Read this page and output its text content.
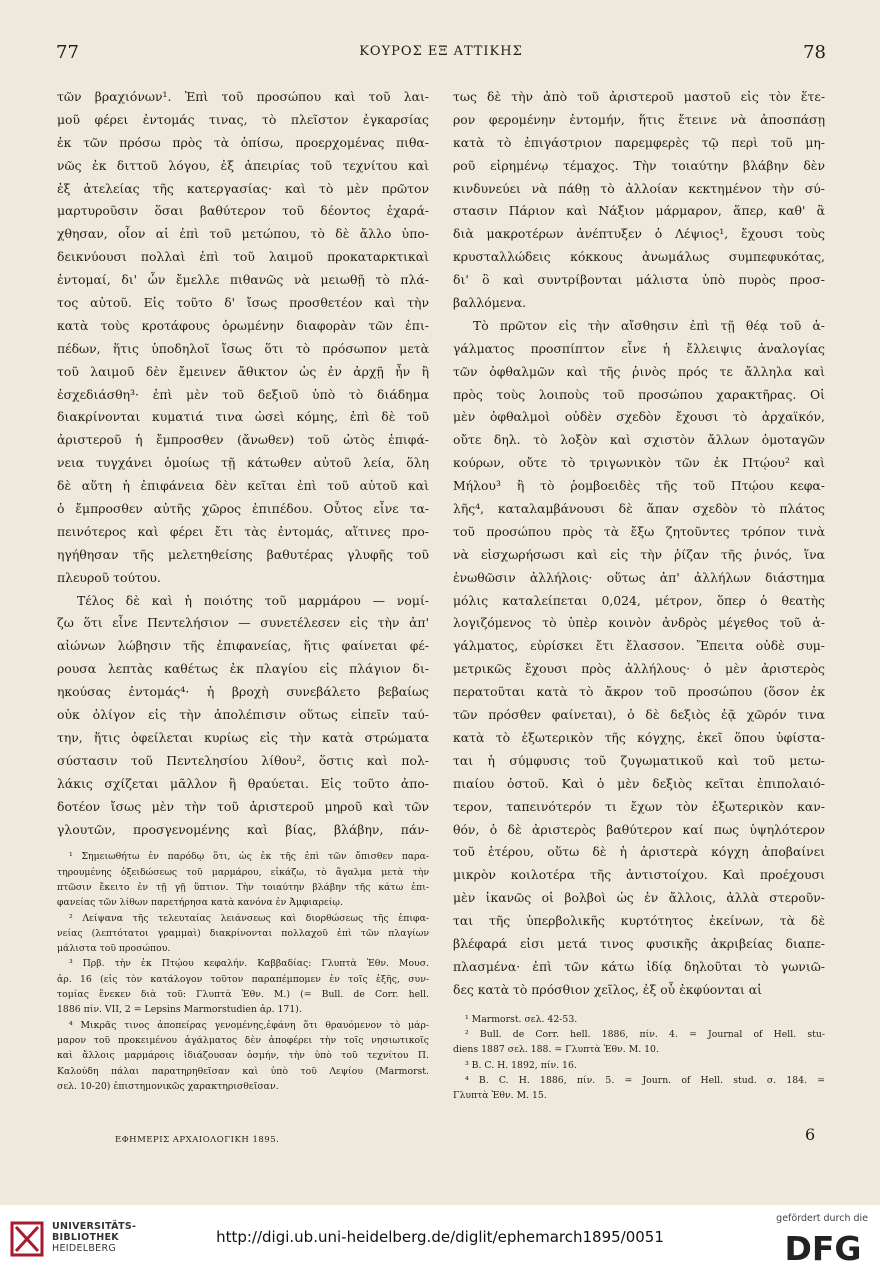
77	ΚΟΥΡΟΣ ΕΞ ΑΤΤΙΚΗΣ	78
τῶν βραχιόνων¹. Ἐπὶ τοῦ προσώπου καὶ τοῦ λαι-
μοῦ φέρει ἐντομάς τινας, τὸ πλεῖστον ἐγκαρσίας
ἐκ τῶν πρόσω πρὸς τὰ ὀπίσω, προερχομένας πιθα-
νῶς ἐκ διττοῦ λόγου, ἐξ ἀπειρίας τοῦ τεχνίτου καὶ
ἐξ ἀτελείας τῆς κατεργασίας· καὶ τὸ μὲν πρῶτον
μαρτυροῦσιν ὅσαι βαθύτερον τοῦ δέοντος ἐχαρά-
χθησαν, οἷον αἱ ἐπὶ τοῦ μετώπου, τὸ δὲ ἄλλο ὑπο-
δεικνύουσι πολλαὶ ἐπὶ τοῦ λαιμοῦ προκαταρκτικαὶ
ἐντομαί, δι' ὧν ἔμελλε πιθανῶς νὰ μειωθῇ τὸ πλά-
τος αὐτοῦ. Εἰς τοῦτο δ' ἴσως προσθετέον καὶ τὴν
κατὰ τοὺς κροτάφους ὁρωμένην διαφορὰν τῶν ἐπι-
πέδων, ἥτις ὑποδηλοῖ ἴσως ὅτι τὸ πρόσωπον μετὰ
τοῦ λαιμοῦ δὲν ἔμεινεν ἄθικτον ὡς ἐν ἀρχῇ ἦν ἢ
ἐσχεδιάσθη³· ἐπὶ μὲν τοῦ δεξιοῦ ὑπὸ τὸ διάδημα
διακρίνονται κυματιά τινα ὡσεὶ κόμης, ἐπὶ δὲ τοῦ
ἀριστεροῦ ἡ ἔμπροσθεν (ἄνωθεν) τοῦ ὠτὸς ἐπιφά-
νεια τυγχάνει ὁμοίως τῇ κάτωθεν αὐτοῦ λεία, ὅλη
δὲ αὕτη ἡ ἐπιφάνεια δὲν κεῖται ἐπὶ τοῦ αὐτοῦ καὶ
ὁ ἔμπροσθεν αὐτῆς χῶρος ἐπιπέδου. Οὗτος εἶνε τα-
πεινότερος καὶ φέρει ἔτι τὰς ἐντομάς, αἵτινες προ-
ηγήθησαν τῆς μελετηθείσης βαθυτέρας γλυφῆς τοῦ
πλευροῦ τούτου.
Τέλος δὲ καὶ ἡ ποιότης τοῦ μαρμάρου — νομί-
ζω ὅτι εἶνε Πεντελήσιον — συνετέλεσεν εἰς τὴν ἀπ'
αἰώνων λώβησιν τῆς ἐπιφανείας, ἥτις φαίνεται φέ-
ρουσα λεπτὰς καθέτως ἐκ πλαγίου εἰς πλάγιον δι-
ηκούσας ἐντομάς⁴· ἡ βροχὴ συνεβάλετο βεβαίως
οὐκ ὀλίγον εἰς τὴν ἀπολέπισιν οὕτως εἰπεῖν ταύ-
την, ἥτις ὀφείλεται κυρίως εἰς τὴν κατὰ στρώματα
σύστασιν τοῦ Πεντελησίου λίθου², ὅστις καὶ πολ-
λάκις σχίζεται μᾶλλον ἢ θραύεται. Εἰς τοῦτο ἀπο-
δοτέον ἴσως μὲν τὴν τοῦ ἀριστεροῦ μηροῦ καὶ τῶν
γλουτῶν, προσγενομένης καὶ βίας, βλάβην, πάν-
¹ Σημειωθήτω ἐν παρόδῳ ὅτι, ὡς ἐκ τῆς ἐπὶ τῶν ὄπισθεν παρα-
τηρουμένης ὀξειδώσεως τοῦ μαρμάρου, εἰκάζω, τὸ ἄγαλμα μετὰ τὴν
πτῶσιν ἔκειτο ἐν τῇ γῇ ὕπτιον. Τὴν τοιαύτην βλάβην τῆς κάτω ἐπι-
φανείας τῶν λίθων παρετήρησα κατὰ κανόνα ἐν Ἀμφιαρείῳ.
² Λείψανα τῆς τελευταίας λειάνσεως καὶ διορθώσεως τῆς ἐπιφα-
νείας (λεπτότατοι γραμμαὶ) διακρίνονται πολλαχοῦ ἐπὶ τῶν πλαγίων
μάλιστα τοῦ προσώπου.
³ Πρβ. τὴν ἐκ Πτῴου κεφαλήν. Καββαδίας: Γλυπτὰ Ἐθν. Μουσ.
ἀρ. 16 (εἰς τὸν κατάλογον τοῦτον παραπέμπομεν ἐν τοῖς ἑξῆς, συν-
τομίας ἕνεκεν διὰ τοῦ: Γλυπτὰ Ἐθν. Μ.) (= Bull. de Corr. hell.
1886 πίν. VII, 2 = Lepsins Marmorstudien ἀρ. 171).
⁴ Μικρᾶς τινος ἀποπείρας γενομένης,ἐφάνη ὅτι θραυόμενον τὸ μάρ-
μαρον τοῦ προκειμένου ἀγάλματος δὲν ἀποφέρει τὴν τοῖς νησιωτικοῖς
καὶ ἄλλοις μαρμάροις ἰδιάζουσαν ὀσμήν, τὴν ὑπὸ τοῦ τεχνίτου Π.
Καλούδη πάλαι παρατηρηθεῖσαν καὶ ὑπὸ τοῦ Λεψίου (Marmorst.
σελ. 10-20) ἐπιστημονικῶς χαρακτηρισθεῖσαν.
τως δὲ τὴν ἀπὸ τοῦ ἀριστεροῦ μαστοῦ εἰς τὸν ἕτε-
ρον φερομένην ἐντομήν, ἥτις ἔτεινε νὰ ἀποσπάσῃ
κατὰ τὸ ἐπιγάστριον παρεμφερὲς τῷ περὶ τοῦ μη-
ροῦ εἰρημένῳ τέμαχος. Τὴν τοιαύτην βλάβην δὲν
κινδυνεύει νὰ πάθῃ τὸ ἀλλοίαν κεκτημένον τὴν σύ-
στασιν Πάριον καὶ Νάξιον μάρμαρον, ἅπερ, καθ' ἃ
διὰ μακροτέρων ἀνέπτυξεν ὁ Λέψιος¹, ἔχουσι τοὺς
κρυσταλλώδεις κόκκους ἀνωμάλως συμπεφυκότας,
δι' ὃ καὶ συντρίβονται μάλιστα ὑπὸ πυρὸς προσ-
βαλλόμενα.
Τὸ πρῶτον εἰς τὴν αἴσθησιν ἐπὶ τῇ θέᾳ τοῦ ἀ-
γάλματος προσπίπτον εἶνε ἡ ἔλλειψις ἀναλογίας
τῶν ὀφθαλμῶν καὶ τῆς ῥινὸς πρός τε ἄλληλα καὶ
πρὸς τοὺς λοιποὺς τοῦ προσώπου χαρακτῆρας. Οἱ
μὲν ὀφθαλμοὶ οὐδὲν σχεδὸν ἔχουσι τὸ ἀρχαϊκόν,
οὔτε δηλ. τὸ λοξὸν καὶ σχιστὸν ἄλλων ὁμοταγῶν
κούρων, οὔτε τὸ τριγωνικὸν τῶν ἐκ Πτῴου² καὶ
Μήλου³ ἢ τὸ ῥομβοειδὲς τῆς τοῦ Πτῴου κεφα-
λῆς⁴, καταλαμβάνουσι δὲ ἅπαν σχεδὸν τὸ πλάτος
τοῦ προσώπου πρὸς τὰ ἔξω ζητοῦντες τρόπον τινὰ
νὰ εἰσχωρήσωσι καὶ εἰς τὴν ῥίζαν τῆς ῥινός, ἵνα
ἑνωθῶσιν ἀλλήλοις· οὕτως ἀπ' ἀλλήλων διάστημα
μόλις καταλείπεται 0,024, μέτρον, ὅπερ ὁ θεατὴς
λογιζόμενος τὸ ὑπὲρ κοινὸν ἀνδρὸς μέγεθος τοῦ ἀ-
γάλματος, εὑρίσκει ἔτι ἔλασσον. Ἔπειτα οὐδὲ συμ-
μετρικῶς ἔχουσι πρὸς ἀλλήλους· ὁ μὲν ἀριστερὸς
περατοῦται κατὰ τὸ ἄκρον τοῦ προσώπου (ὅσον ἐκ
τῶν πρόσθεν φαίνεται), ὁ δὲ δεξιὸς ἐᾷ χῶρόν τινα
κατὰ τὸ ἐξωτερικὸν τῆς κόγχης, ἐκεῖ ὅπου ὑφίστα-
ται ἡ σύμφυσις τοῦ ζυγωματικοῦ καὶ τοῦ μετω-
πιαίου ὀστοῦ. Καὶ ὁ μὲν δεξιὸς κεῖται ἐπιπολαιό-
τερον, ταπεινότερόν τι ἔχων τὸν ἐξωτερικὸν καν-
θόν, ὁ δὲ ἀριστερὸς βαθύτερον καί πως ὑψηλότερον
τοῦ ἑτέρου, οὕτω δὲ ἡ ἀριστερὰ κόγχη ἀποβαίνει
μικρὸν κοιλοτέρα τῆς ἀντιστοίχου. Καὶ προέχουσι
μὲν ἱκανῶς οἱ βολβοὶ ὡς ἐν ἄλλοις, ἀλλὰ στεροῦν-
ται τῆς ὑπερβολικῆς κυρτότητος ἐκείνων, τὰ δὲ
βλέφαρά εἰσι μετά τινος φυσικῆς ἀκριβείας διαπε-
πλασμένα· ἐπὶ τῶν κάτω ἰδίᾳ δηλοῦται τὸ γωνιῶ-
δες κατὰ τὸ πρόσθιον χεῖλος, ἐξ οὗ ἐκφύονται αἱ
¹ Marmorst. σελ. 42-53.
² Bull. de Corr. hell. 1886, πίν. 4. = Journal of Hell. stu-
diens 1887 σελ. 188. = Γλυπτὰ Ἐθν. Μ. 10.
³ B. C. H. 1892, πίν. 16.
⁴ B. C. H. 1886, πίν. 5. = Journ. of Hell. stud. σ. 184. =
Γλυπτὰ Ἐθν. Μ. 15.
ΕΦΗΜΕΡΙΣ ΑΡΧΑΙΟΛΟΓΙΚΗ 1895.	6
UNIVERSITÄTS-
BIBLIOTHEK
HEIDELBERG
http://digi.ub.uni-heidelberg.de/diglit/ephemarch1895/0051
gefördert durch die
DFG
